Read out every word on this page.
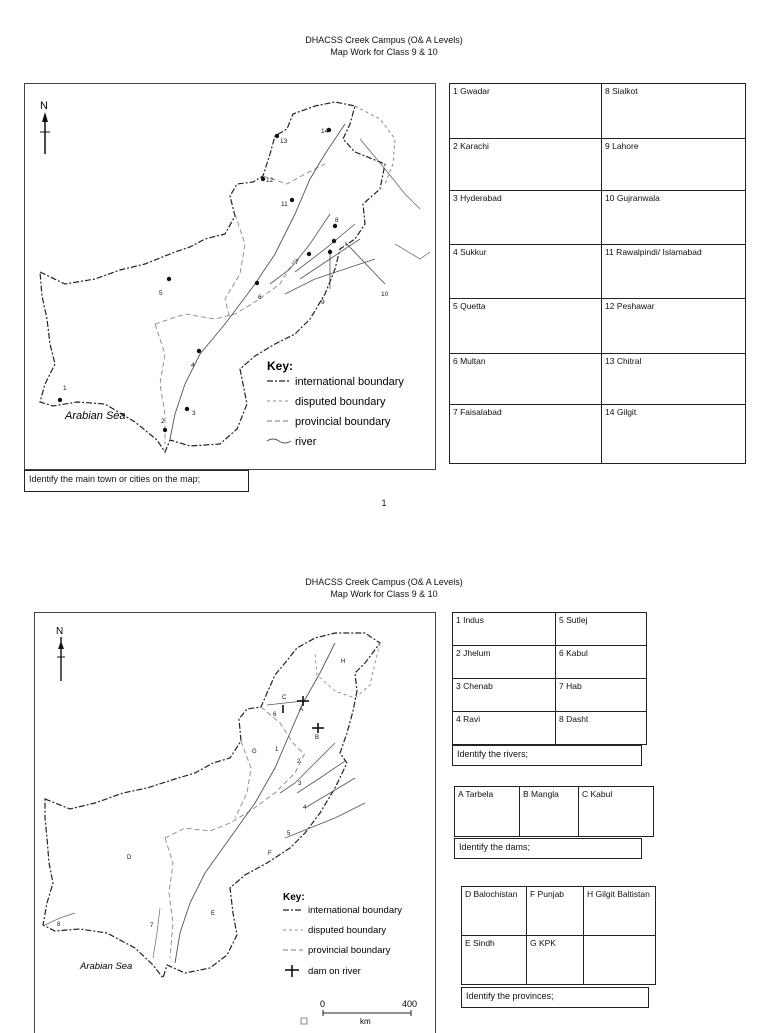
DHACSS Creek Campus (O& A Levels)
Map Work for Class 9 & 10
N
1
2
3
4
5
6
7
8
9
10
11
12
13
14
Arabian Sea
Key:
international boundary
disputed boundary
provincial boundary
river
1 Gwadar	8 Sialkot
2 Karachi	9 Lahore
3 Hyderabad	10 Gujranwala
4 Sukkur	11 Rawalpindi/ Islamabad
5 Quetta	12 Peshawar
6 Multan	13 Chitral
7 Faisalabad	14 Gilgit
Identify the main town or cities on the map;
1
DHACSS Creek Campus (O& A Levels)
Map Work for Class 9 & 10
N
A
B
C
D
E
F
G
H
1
2
3
4
5
6
7
8
Arabian Sea
Key:
international boundary
disputed boundary
provincial boundary
dam on river
0	400
km
1 Indus	5 Sutlej
2 Jhelum	6 Kabul
3 Chenab	7 Hab
4 Ravi	8 Dasht
Identify the rivers;
A Tarbela	B Mangla	C Kabul
Identify the dams;
D Balochistan	F Punjab	H Gilgit Baltistan
E Sindh	G KPK	
Identify the provinces;
